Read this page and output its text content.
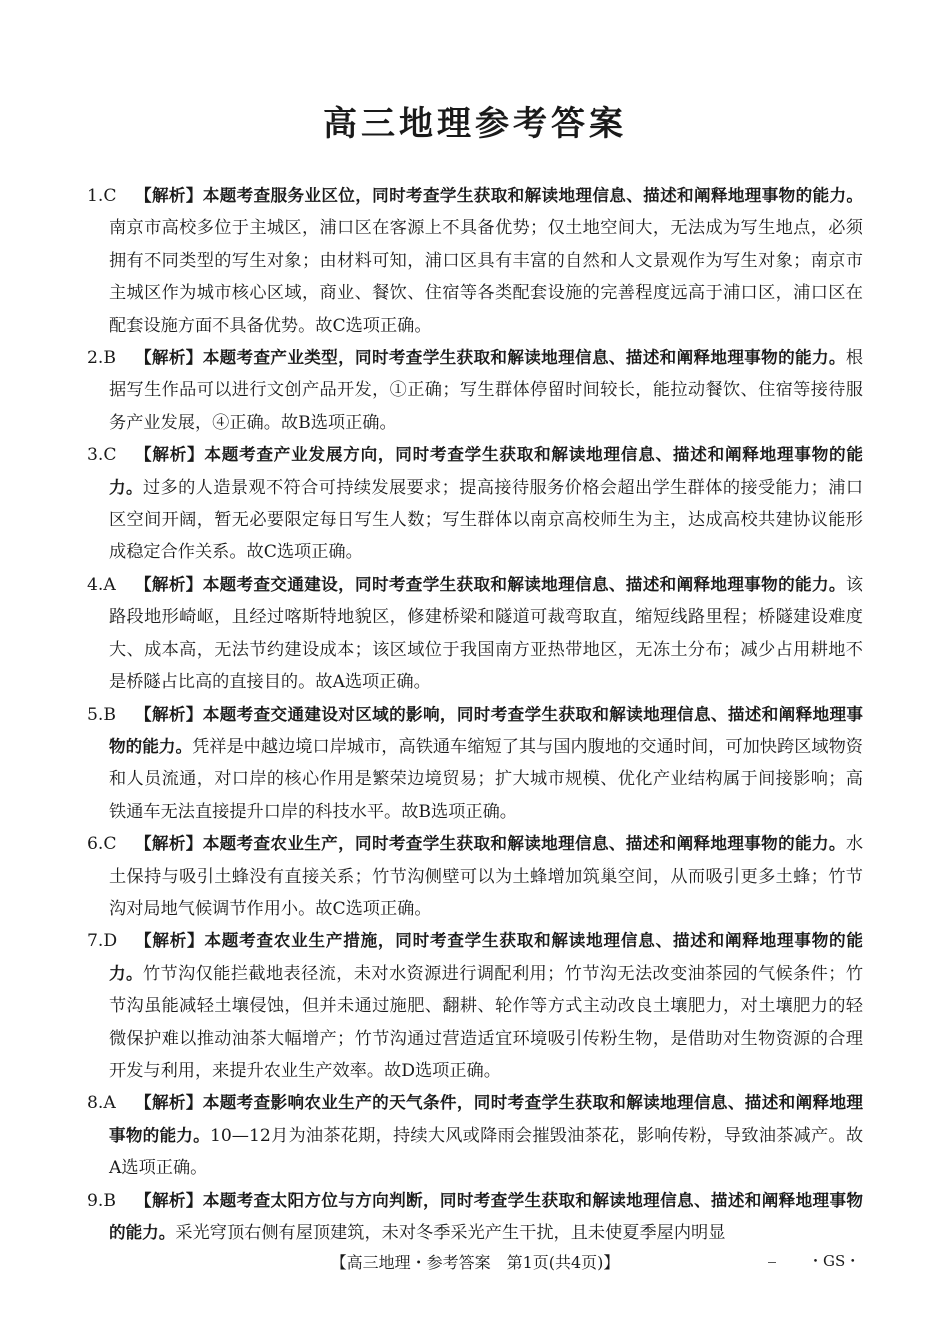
高三地理参考答案
1.C	【解析】本题考查服务业区位，同时考查学生获取和解读地理信息、描述和阐释地理事物的能力。南京市高校多位于主城区，浦口区在客源上不具备优势；仅土地空间大，无法成为写生地点，必须拥有不同类型的写生对象；由材料可知，浦口区具有丰富的自然和人文景观作为写生对象；南京市主城区作为城市核心区域，商业、餐饮、住宿等各类配套设施的完善程度远高于浦口区，浦口区在配套设施方面不具备优势。故C选项正确。
2.B	【解析】本题考查产业类型，同时考查学生获取和解读地理信息、描述和阐释地理事物的能力。根据写生作品可以进行文创产品开发，①正确；写生群体停留时间较长，能拉动餐饮、住宿等接待服务产业发展，④正确。故B选项正确。
3.C	【解析】本题考查产业发展方向，同时考查学生获取和解读地理信息、描述和阐释地理事物的能力。过多的人造景观不符合可持续发展要求；提高接待服务价格会超出学生群体的接受能力；浦口区空间开阔，暂无必要限定每日写生人数；写生群体以南京高校师生为主，达成高校共建协议能形成稳定合作关系。故C选项正确。
4.A	【解析】本题考查交通建设，同时考查学生获取和解读地理信息、描述和阐释地理事物的能力。该路段地形崎岖，且经过喀斯特地貌区，修建桥梁和隧道可裁弯取直，缩短线路里程；桥隧建设难度大、成本高，无法节约建设成本；该区域位于我国南方亚热带地区，无冻土分布；减少占用耕地不是桥隧占比高的直接目的。故A选项正确。
5.B	【解析】本题考查交通建设对区域的影响，同时考查学生获取和解读地理信息、描述和阐释地理事物的能力。凭祥是中越边境口岸城市，高铁通车缩短了其与国内腹地的交通时间，可加快跨区域物资和人员流通，对口岸的核心作用是繁荣边境贸易；扩大城市规模、优化产业结构属于间接影响；高铁通车无法直接提升口岸的科技水平。故B选项正确。
6.C	【解析】本题考查农业生产，同时考查学生获取和解读地理信息、描述和阐释地理事物的能力。水土保持与吸引土蜂没有直接关系；竹节沟侧壁可以为土蜂增加筑巢空间，从而吸引更多土蜂；竹节沟对局地气候调节作用小。故C选项正确。
7.D	【解析】本题考查农业生产措施，同时考查学生获取和解读地理信息、描述和阐释地理事物的能力。竹节沟仅能拦截地表径流，未对水资源进行调配利用；竹节沟无法改变油茶园的气候条件；竹节沟虽能减轻土壤侵蚀，但并未通过施肥、翻耕、轮作等方式主动改良土壤肥力，对土壤肥力的轻微保护难以推动油茶大幅增产；竹节沟通过营造适宜环境吸引传粉生物，是借助对生物资源的合理开发与利用，来提升农业生产效率。故D选项正确。
8.A	【解析】本题考查影响农业生产的天气条件，同时考查学生获取和解读地理信息、描述和阐释地理事物的能力。10—12月为油茶花期，持续大风或降雨会摧毁油茶花，影响传粉，导致油茶减产。故A选项正确。
9.B	【解析】本题考查太阳方位与方向判断，同时考查学生获取和解读地理信息、描述和阐释地理事物的能力。采光穹顶右侧有屋顶建筑，未对冬季采光产生干扰，且未使夏季屋内明显
【高三地理・参考答案　第1页(共4页)】	・GS・
